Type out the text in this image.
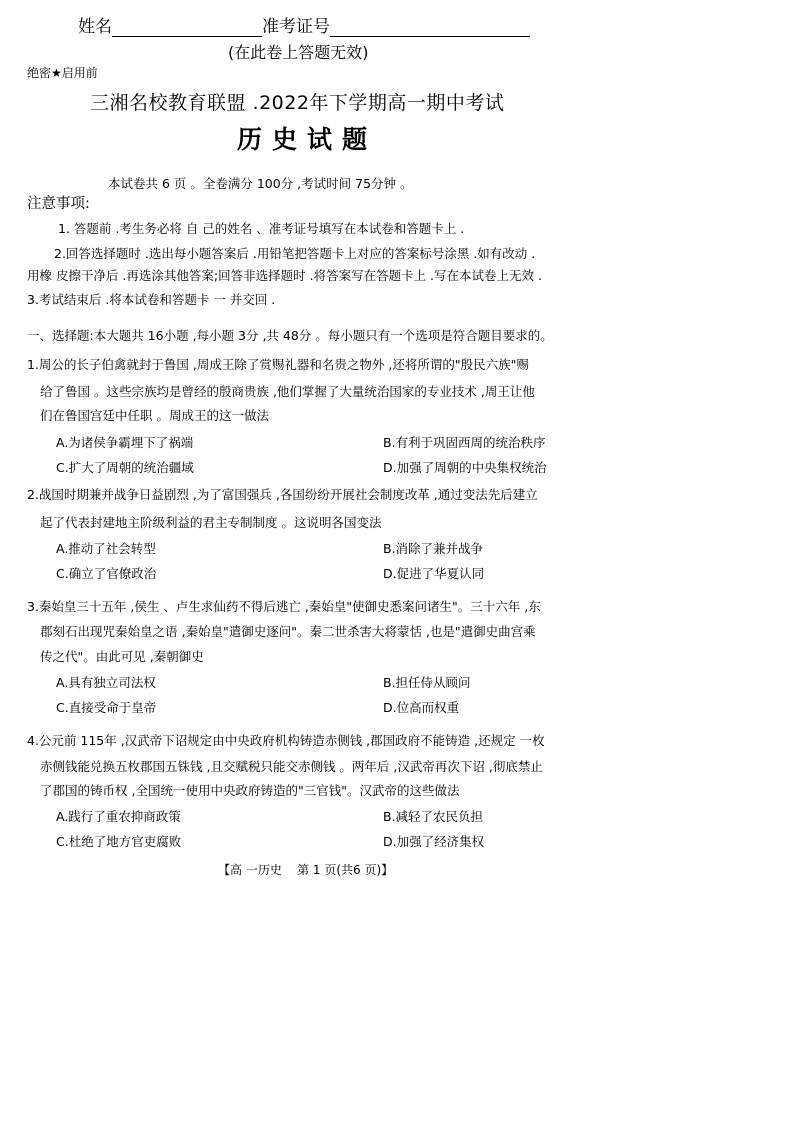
姓名	准考证号
(在此卷上答题无效)
绝密★启用前
三湘名校教育联盟 .2022年下学期高一期中考试
历史试题
本试卷共 6 页 。全卷满分 100分 ,考试时间 75分钟 。
注意事项:
1. 答题前 .考生务必将 自 己的姓名 、准考证号填写在本试卷和答题卡上 .
2.回答选择题时 .选出每小题答案后 .用铅笔把答题卡上对应的答案标号涂黑 .如有改动 .
用橡 皮擦干净后 .再选涂其他答案;回答非选择题时 .将答案写在答题卡上 .写在本试卷上无效 .
3.考试结束后 .将本试卷和答题卡 一 并交回 .
一、选择题:本大题共 16小题 ,每小题 3分 ,共 48分 。每小题只有一个选项是符合题目要求的。
1.周公的长子伯禽就封于鲁国 ,周成王除了赏赐礼器和名贵之物外 ,还将所谓的"殷民六族"赐
给了鲁国 。这些宗族均是曾经的殷商贵族 ,他们掌握了大量统治国家的专业技术 ,周王让他
们在鲁国宫廷中任职 。周成王的这一做法
A.为诸侯争霸埋下了祸端	B.有利于巩固西周的统治秩序
C.扩大了周朝的统治疆域	D.加强了周朝的中央集权统治
2.战国时期兼并战争日益剧烈 ,为了富国强兵 ,各国纷纷开展社会制度改革 ,通过变法先后建立
起了代表封建地主阶级利益的君主专制制度 。这说明各国变法
A.推动了社会转型	B.消除了兼并战争
C.确立了官僚政治	D.促进了华夏认同
3.秦始皇三十五年 ,侯生 、卢生求仙药不得后逃亡 ,秦始皇"使御史悉案问诸生"。三十六年 ,东
郡刻石出现咒秦始皇之语 ,秦始皇"遣御史逐问"。秦二世杀害大将蒙恬 ,也是"遣御史曲宫乘
传之代"。由此可见 ,秦朝御史
A.具有独立司法权	B.担任侍从顾问
C.直接受命于皇帝	D.位高而权重
4.公元前 115年 ,汉武帝下诏规定由中央政府机构铸造赤侧钱 ,郡国政府不能铸造 ,还规定 一枚
赤侧钱能兑换五枚郡国五铢钱 ,且交赋税只能交赤侧钱 。两年后 ,汉武帝再次下诏 ,彻底禁止
了郡国的铸币权 ,全国统一使用中央政府铸造的"三官钱"。汉武帝的这些做法
A.践行了重农抑商政策	B.减轻了农民负担
C.杜绝了地方官吏腐败	D.加强了经济集权
【高 一历史    第 1 页(共6 页)】
